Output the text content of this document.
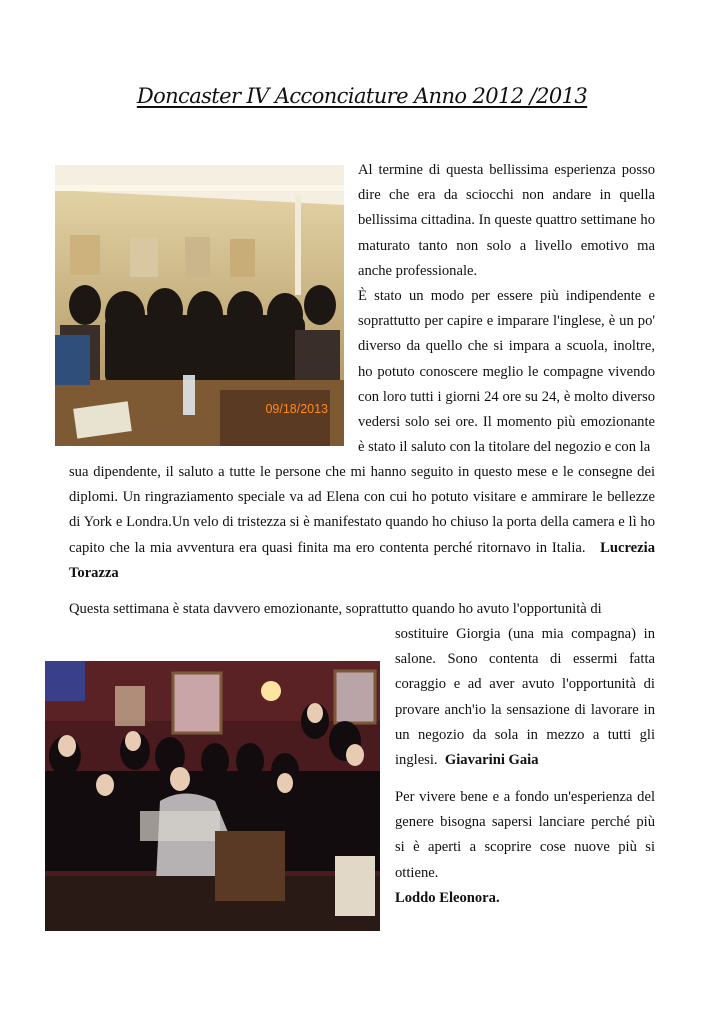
Doncaster IV Acconciature Anno 2012 /2013
09/18/2013

Al termine di questa bellissima esperienza posso dire che era da sciocchi non andare in quella bellissima cittadina. In queste quattro settimane ho maturato tanto non solo a livello emotivo ma anche professionale.
È stato un modo per essere più indipendente e soprattutto per capire e imparare l'inglese, è un po' diverso da quello che si impara a scuola, inoltre, ho potuto conoscere meglio le compagne vivendo con loro tutti i giorni 24 ore su 24, è molto diverso vedersi solo sei ore. Il momento più emozionante è stato il saluto con la titolare del negozio e con la

sua dipendente, il saluto a tutte le persone che mi hanno seguito in questo mese e le consegne dei diplomi. Un ringraziamento speciale va ad Elena con cui ho potuto visitare e ammirare le bellezze di York e Londra.Un velo di tristezza si è manifestato quando ho chiuso la porta della camera e lì ho capito che la mia avventura era quasi finita ma ero contenta perché ritornavo in Italia. Lucrezia Torazza

Questa settimana è stata davvero emozionante, soprattutto quando ho avuto l'opportunità di

sostituire Giorgia (una mia compagna) in salone. Sono contenta di essermi fatta coraggio e ad aver avuto l'opportunità di provare anch'io la sensazione di lavorare in un negozio da sola in mezzo a tutti gli inglesi. Giavarini Gaia

Per vivere bene e a fondo un'esperienza del genere bisogna sapersi lanciare perché più si è aperti a scoprire cose nuove più si ottiene.
Loddo Eleonora.
